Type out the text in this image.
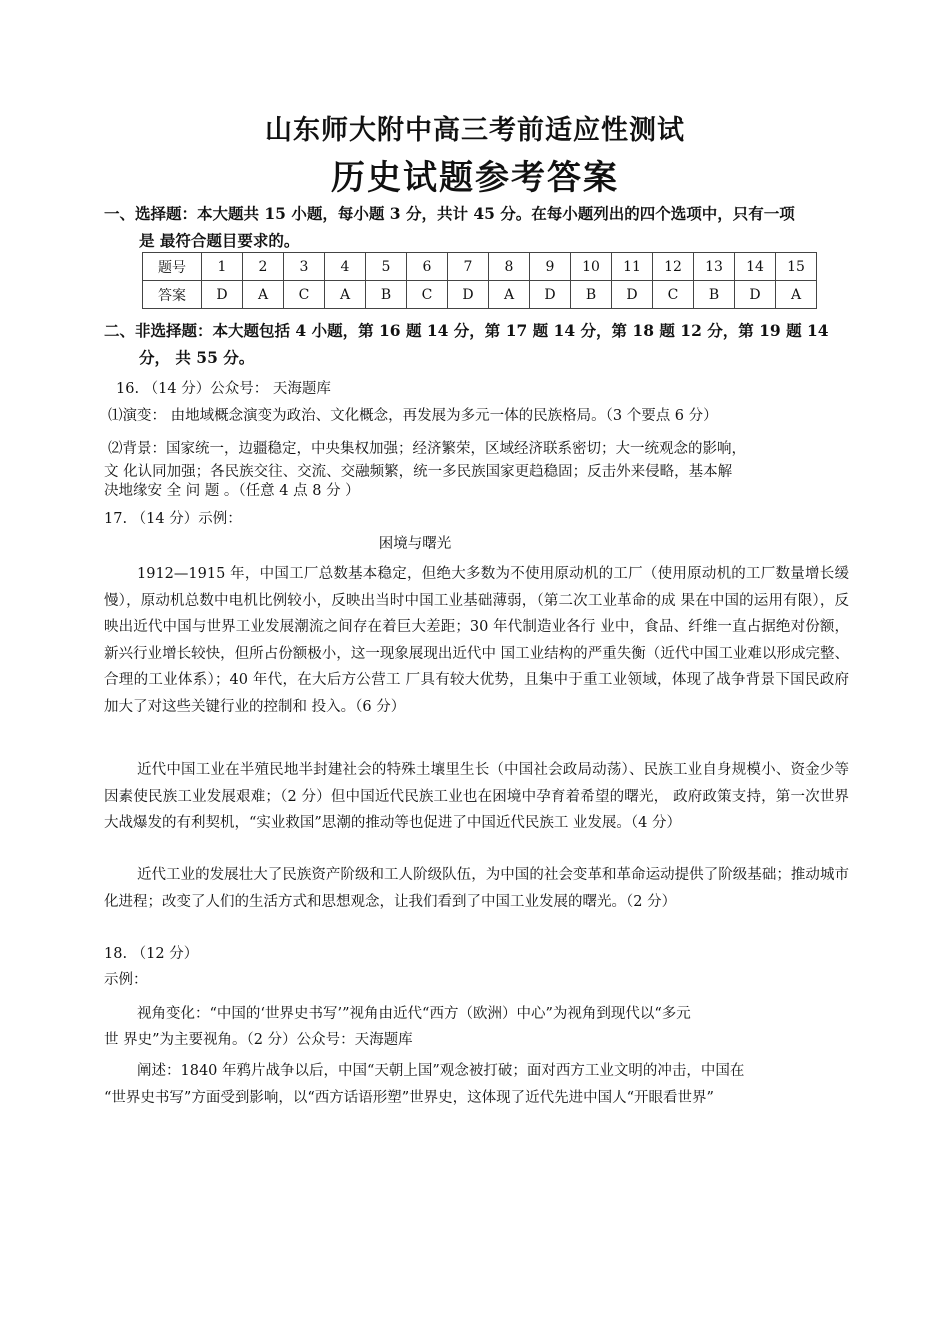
山东师大附中高三考前适应性测试
历史试题参考答案
一、选择题：本大题共 15 小题，每小题 3 分，共计 45 分。在每小题列出的四个选项中，只有一项
是 最符合题目要求的。
题号	1	2	3	4	5	6	7	8	9	10	11	12	13	14	15
答案	D	A	C	A	B	C	D	A	D	B	D	C	B	D	A
二、非选择题：本大题包括 4 小题，第 16 题 14 分，第 17 题 14 分，第 18 题 12 分，第 19 题 14
分， 共 55 分。
16. （14 分）公众号： 天海题库
⑴演变： 由地域概念演变为政治、文化概念，再发展为多元一体的民族格局。（3 个要点 6 分）
⑵背景：国家统一，边疆稳定，中央集权加强；经济繁荣，区域经济联系密切；大一统观念的影响，
文 化认同加强；各民族交往、交流、交融频繁，统一多民族国家更趋稳固；反击外来侵略，基本解
决地缘安 全 问 题 。（任意 4 点 8 分 ）
17. （14 分）示例：
困境与曙光
1912—1915 年，中国工厂总数基本稳定，但绝大多数为不使用原动机的工厂（使用原动机的工厂数量增长缓慢），原动机总数中电机比例较小，反映出当时中国工业基础薄弱，（第二次工业革命的成 果在中国的运用有限），反映出近代中国与世界工业发展潮流之间存在着巨大差距；30 年代制造业各行 业中，食品、纤维一直占据绝对份额，新兴行业增长较快，但所占份额极小，这一现象展现出近代中 国工业结构的严重失衡（近代中国工业难以形成完整、合理的工业体系）；40 年代，在大后方公营工 厂具有较大优势，且集中于重工业领域，体现了战争背景下国民政府加大了对这些关键行业的控制和 投入。（6 分）
近代中国工业在半殖民地半封建社会的特殊土壤里生长（中国社会政局动荡）、民族工业自身规模小、资金少等因素使民族工业发展艰难；（2 分）但中国近代民族工业也在困境中孕育着希望的曙光， 政府政策支持，第一次世界大战爆发的有利契机，“实业救国”思潮的推动等也促进了中国近代民族工 业发展。（4 分）
近代工业的发展壮大了民族资产阶级和工人阶级队伍，为中国的社会变革和革命运动提供了阶级基础；推动城市化进程；改变了人们的生活方式和思想观念，让我们看到了中国工业发展的曙光。（2 分）
18. （12 分）
示例：
视角变化：“中国的‘世界史书写’”视角由近代“西方（欧洲）中心”为视角到现代以“多元
世 界史”为主要视角。（2 分）公众号：天海题库
阐述：1840 年鸦片战争以后，中国“天朝上国”观念被打破；面对西方工业文明的冲击，中国在
“世界史书写”方面受到影响，以“西方话语形塑”世界史，这体现了近代先进中国人“开眼看世界”
